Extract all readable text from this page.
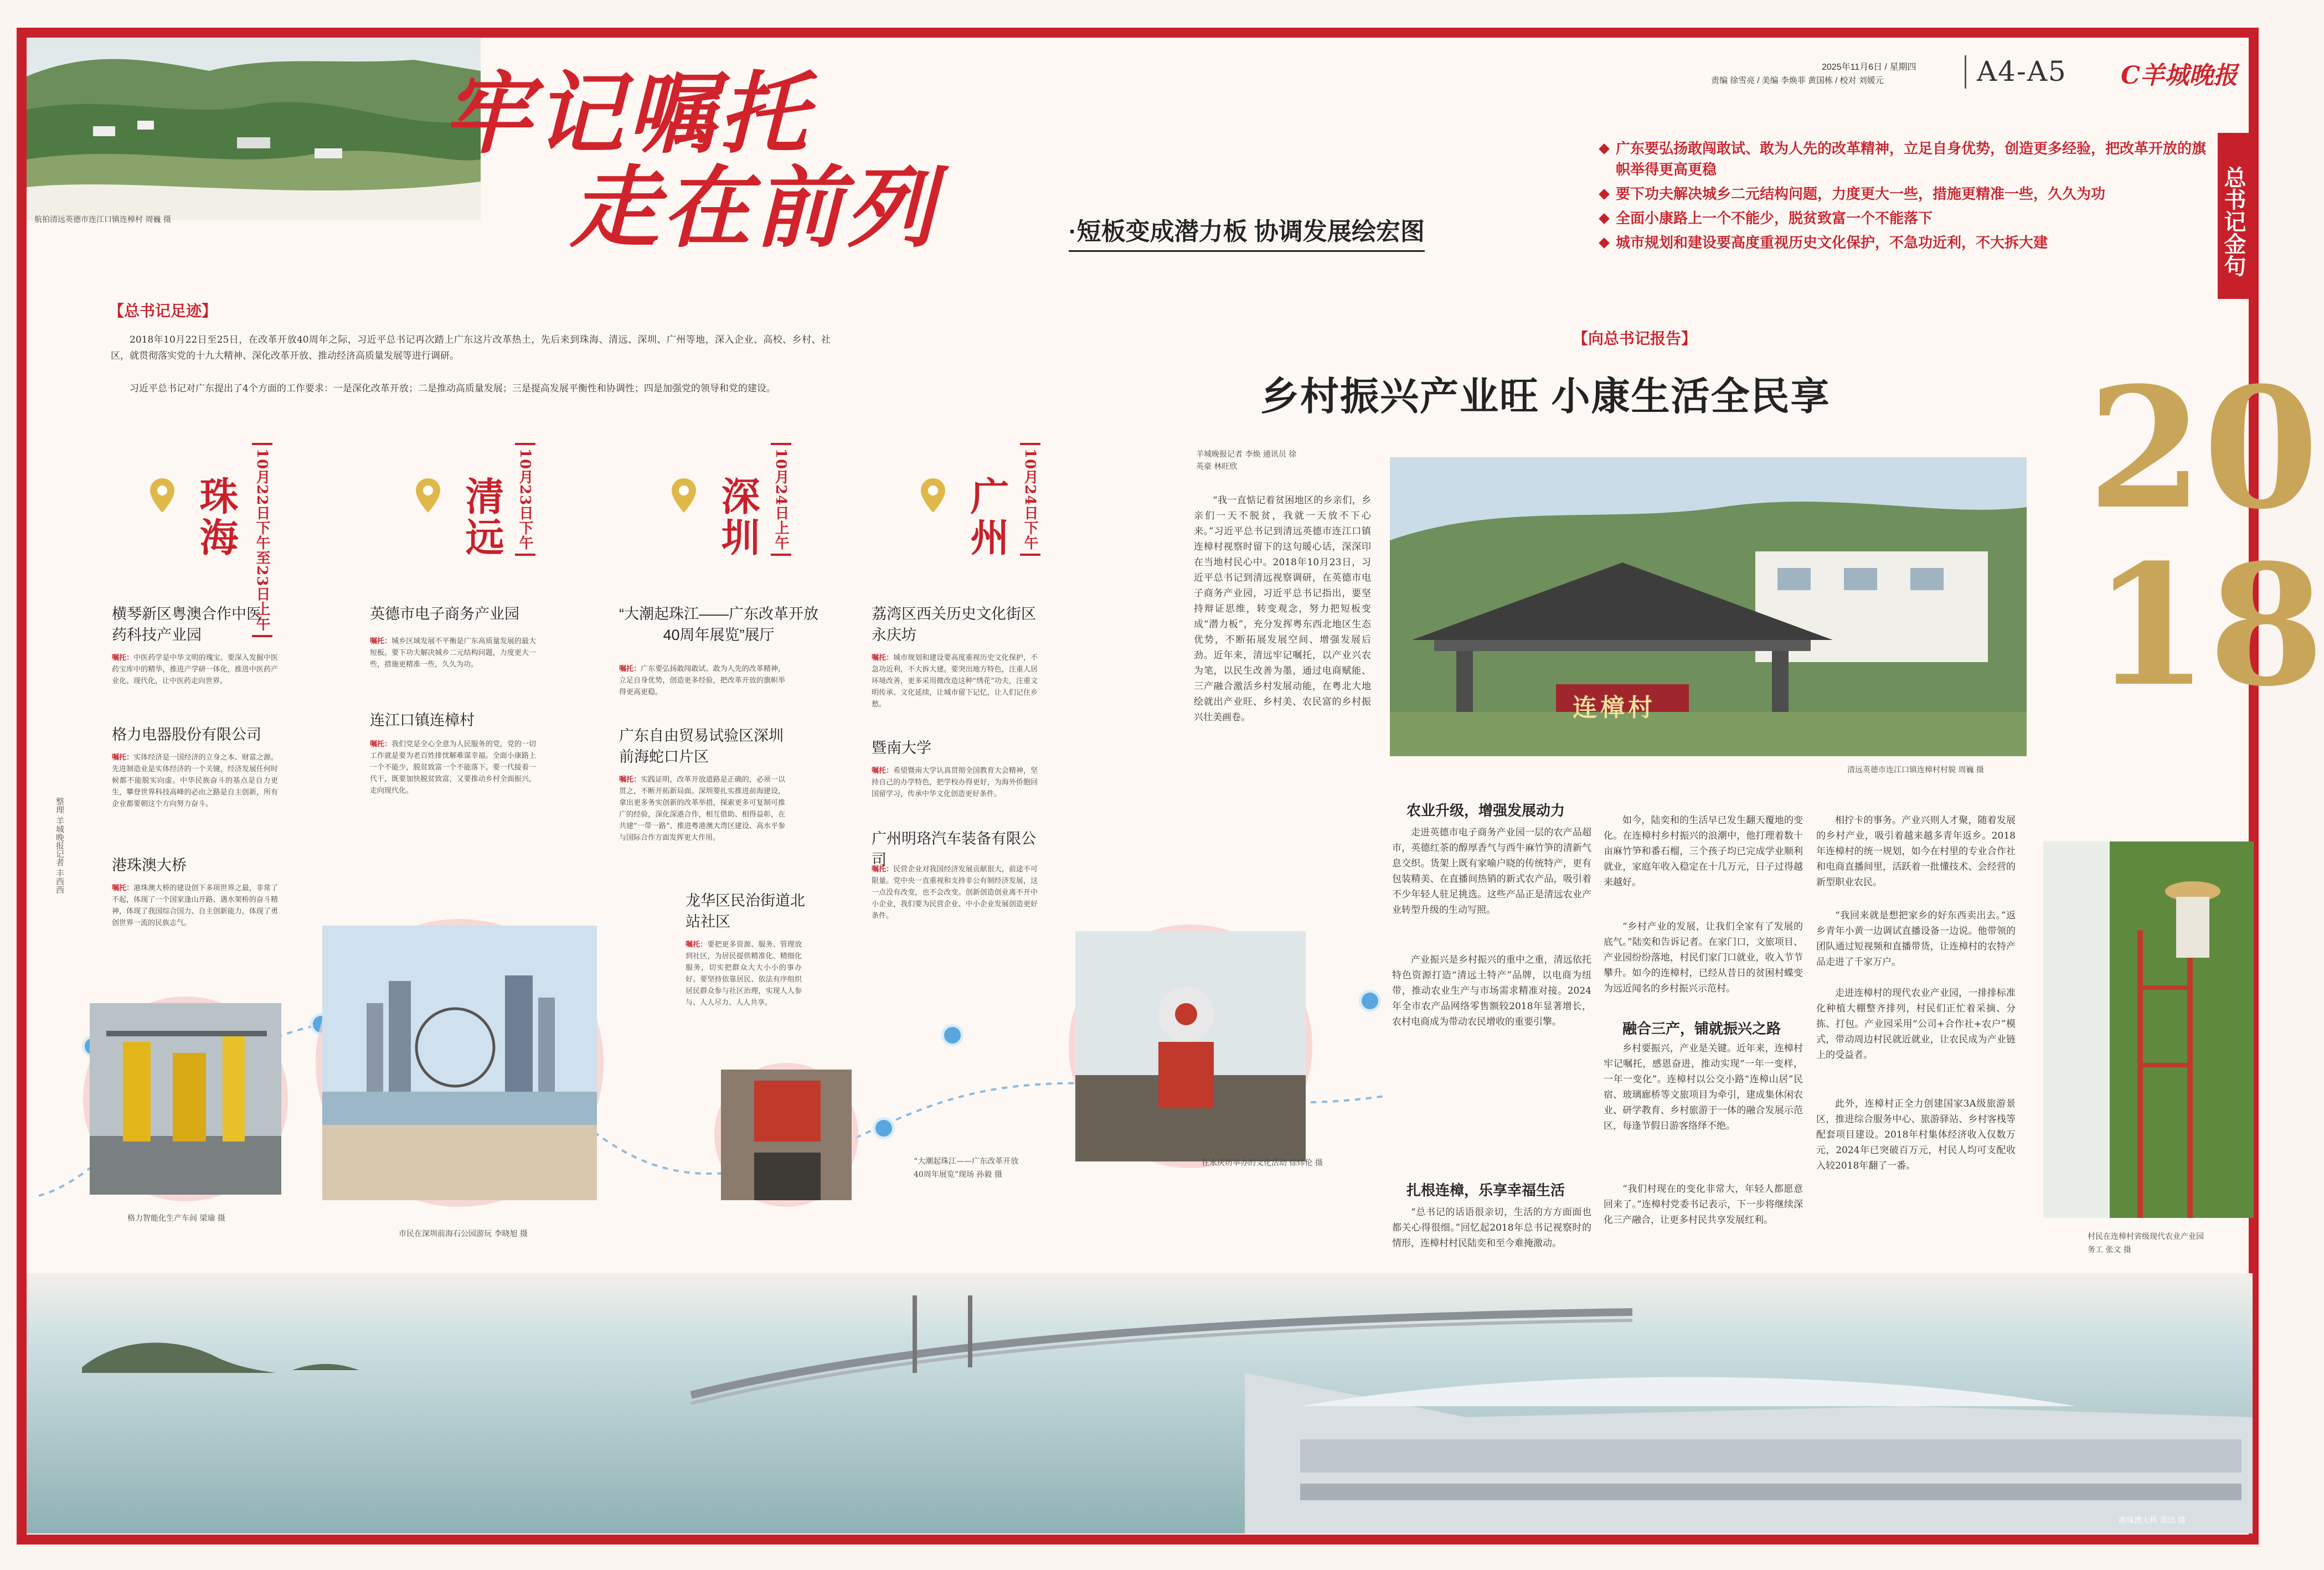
航拍清远英德市连江口镇连樟村 周巍 摄
牢记嘱托
走在前列	·短板变成潜力板 协调发展绘宏图
2025年11月6日 / 星期四
责编 徐雪亮 / 美编 李焕菲 黄国栋 / 校对 刘媛元	A4-A5 C羊城晚报
总书记金句
广东要弘扬敢闯敢试、敢为人先的改革精神，立足自身优势，创造更多经验，把改革开放的旗帜举得更高更稳
要下功夫解决城乡二元结构问题，力度更大一些，措施更精准一些，久久为功
全面小康路上一个不能少，脱贫致富一个不能落下
城市规划和建设要高度重视历史文化保护，不急功近利，不大拆大建
20
18
【总书记足迹】
2018年10月22日至25日，在改革开放40周年之际，习近平总书记再次踏上广东这片改革热土，先后来到珠海、清远、深圳、广州等地，深入企业、高校、乡村、社区，就贯彻落实党的十九大精神、深化改革开放、推动经济高质量发展等进行调研。
习近平总书记对广东提出了4个方面的工作要求：一是深化改革开放；二是推动高质量发展；三是提高发展平衡性和协调性；四是加强党的领导和党的建设。
整理 羊城晚报记者 丰西西
珠海	10月22日下午至23日上午
横琴新区粤澳合作中医药科技产业园
嘱托：中医药学是中华文明的瑰宝。要深入发掘中医药宝库中的精华，推进产学研一体化，推进中医药产业化、现代化，让中医药走向世界。
格力电器股份有限公司
嘱托：实体经济是一国经济的立身之本、财富之源。先进制造业是实体经济的一个关键，经济发展任何时候都不能脱实向虚。中华民族奋斗的基点是自力更生，攀登世界科技高峰的必由之路是自主创新，所有企业都要朝这个方向努力奋斗。
港珠澳大桥
嘱托：港珠澳大桥的建设创下多项世界之最，非常了不起，体现了一个国家逢山开路、遇水架桥的奋斗精神，体现了我国综合国力、自主创新能力，体现了勇创世界一流的民族志气。
清远 10月23日下午
英德市电子商务产业园
嘱托：城乡区域发展不平衡是广东高质量发展的最大短板。要下功夫解决城乡二元结构问题，力度更大一些，措施更精准一些，久久为功。
连江口镇连樟村
嘱托：我们党是全心全意为人民服务的党，党的一切工作就是要为老百姓排忧解难谋幸福。全面小康路上一个不能少，脱贫致富一个不能落下。要一代接着一代干，既要加快脱贫致富，又要推动乡村全面振兴，走向现代化。
深圳 10月24日上午
“大潮起珠江——广东改革开放40周年展览”展厅
嘱托：广东要弘扬敢闯敢试、敢为人先的改革精神，立足自身优势，创造更多经验，把改革开放的旗帜举得更高更稳。
广东自由贸易试验区深圳前海蛇口片区
嘱托：实践证明，改革开放道路是正确的，必须一以贯之，不断开拓新局面。深圳要扎实推进前海建设，拿出更多务实创新的改革举措，探索更多可复制可推广的经验，深化深港合作，相互借助、相得益彰，在共建“一带一路”、推进粤港澳大湾区建设、高水平参与国际合作方面发挥更大作用。
龙华区民治街道北站社区
嘱托：要把更多资源、服务、管理放到社区，为居民提供精准化、精细化服务，切实把群众大大小小的事办好。要坚持依靠居民、依法有序组织居民群众参与社区治理，实现人人参与、人人尽力、人人共享。
广州 10月24日下午
荔湾区西关历史文化街区永庆坊
嘱托：城市规划和建设要高度重视历史文化保护，不急功近利，不大拆大建。要突出地方特色，注重人居环境改善，更多采用微改造这种“绣花”功夫，注重文明传承、文化延续，让城市留下记忆，让人们记住乡愁。
暨南大学
嘱托：希望暨南大学认真贯彻全国教育大会精神，坚持自己的办学特色，把学校办得更好，为海外侨胞回国留学习，传承中华文化创造更好条件。
广州明珞汽车装备有限公司
嘱托：民营企业对我国经济发展贡献很大，前途不可限量。党中央一直重视和支持非公有制经济发展，这一点没有改变，也不会改变。创新创造创业离不开中小企业，我们要为民营企业、中小企业发展创造更好条件。
格力智能化生产车间 梁瑜 摄
市民在深圳前海石公园游玩 李晓旭 摄
“大潮起珠江——广东改革开放40周年展览”现场 孙毅 摄
在永庆坊举办的文化活动 徐炜伦 摄
【向总书记报告】
乡村振兴产业旺 小康生活全民享
羊城晚报记者 李焕 通讯员 徐英豪 林旺欣
“我一直惦记着贫困地区的乡亲们，乡亲们一天不脱贫，我就一天放不下心来。”习近平总书记到清远英德市连江口镇连樟村视察时留下的这句暖心话，深深印在当地村民心中。2018年10月23日，习近平总书记到清远视察调研，在英德市电子商务产业园，习近平总书记指出，要坚持辩证思维，转变观念，努力把短板变成“潜力板”，充分发挥粤东西北地区生态优势，不断拓展发展空间、增强发展后劲。近年来，清远牢记嘱托，以产业兴农为笔，以民生改善为墨，通过电商赋能、三产融合激活乡村发展动能，在粤北大地绘就出产业旺、乡村美、农民富的乡村振兴壮美画卷。	连樟村
清远英德市连江口镇连樟村村貌 周巍 摄
农业升级，增强发展动力
走进英德市电子商务产业园一层的农产品超市，英德红茶的醇厚香气与西牛麻竹笋的清新气息交织。货架上既有家喻户晓的传统特产，更有包装精美、在直播间热销的新式农产品，吸引着不少年轻人驻足挑选。这些产品正是清远农业产业转型升级的生动写照。
产业振兴是乡村振兴的重中之重，清远依托特色资源打造“清远土特产”品牌，以电商为纽带，推动农业生产与市场需求精准对接。2024年全市农产品网络零售额较2018年显著增长，农村电商成为带动农民增收的重要引擎。
扎根连樟，乐享幸福生活
“总书记的话语很亲切，生活的方方面面也都关心得很细。”回忆起2018年总书记视察时的情形，连樟村村民陆奕和至今难掩激动。
如今，陆奕和的生活早已发生翻天覆地的变化。在连樟村乡村振兴的浪潮中，他打理着数十亩麻竹笋和番石榴，三个孩子均已完成学业顺利就业，家庭年收入稳定在十几万元，日子过得越来越好。
“乡村产业的发展，让我们全家有了发展的底气。”陆奕和告诉记者。在家门口，文旅项目、产业园纷纷落地，村民们家门口就业，收入节节攀升。如今的连樟村，已经从昔日的贫困村蝶变为远近闻名的乡村振兴示范村。
融合三产，铺就振兴之路
乡村要振兴，产业是关键。近年来，连樟村牢记嘱托，感恩奋进，推动实现“一年一变样，一年一变化”。连樟村以公交小路“连樟山居”民宿、玻璃廊桥等文旅项目为牵引，建成集休闲农业、研学教育、乡村旅游于一体的融合发展示范区，每逢节假日游客络绎不绝。
“我们村现在的变化非常大，年轻人都愿意回来了。”连樟村党委书记表示，下一步将继续深化三产融合，让更多村民共享发展红利。
相拧卡的事务。产业兴则人才聚，随着发展的乡村产业，吸引着越来越多青年返乡。2018年连樟村的统一规划，如今在村里的专业合作社和电商直播间里，活跃着一批懂技术、会经营的新型职业农民。
“我回来就是想把家乡的好东西卖出去。”返乡青年小黄一边调试直播设备一边说。他带领的团队通过短视频和直播带货，让连樟村的农特产品走进了千家万户。
走进连樟村的现代农业产业园，一排排标准化种植大棚整齐排列，村民们正忙着采摘、分拣、打包。产业园采用“公司+合作社+农户”模式，带动周边村民就近就业，让农民成为产业链上的受益者。
此外，连樟村正全力创建国家3A级旅游景区，推进综合服务中心、旅游驿站、乡村客栈等配套项目建设。2018年村集体经济收入仅数万元，2024年已突破百万元，村民人均可支配收入较2018年翻了一番。
村民在连樟村省级现代农业产业园务工 张文 摄
港珠澳大桥 郑迅 摄
